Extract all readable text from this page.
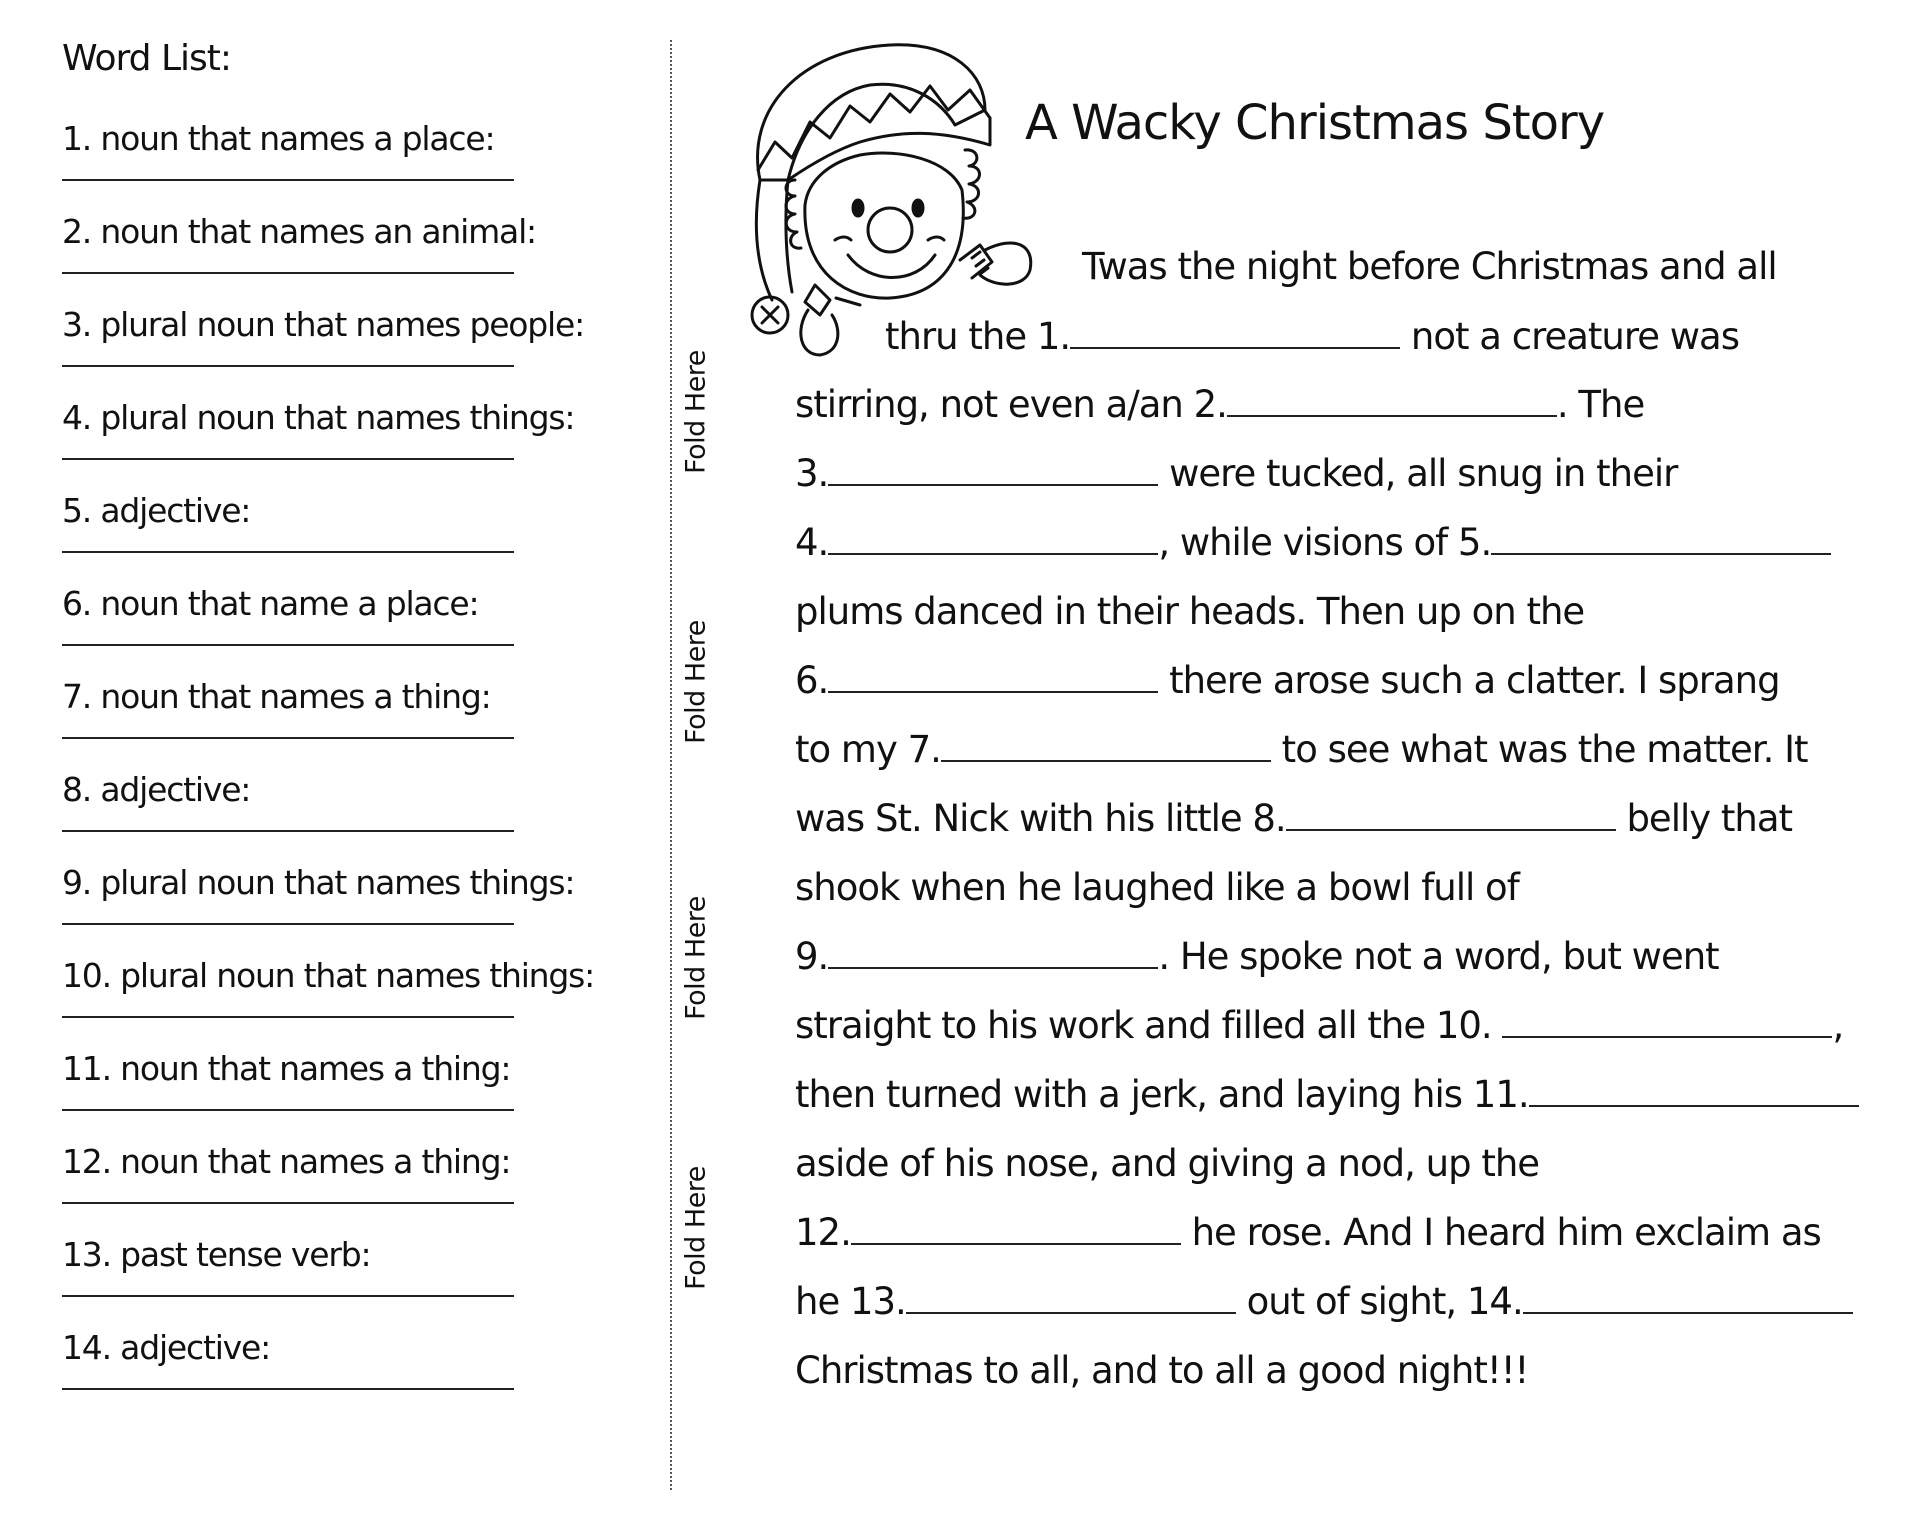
Word List:
1. noun that names a place:
2. noun that names an animal:
3. plural noun that names people:
4. plural noun that names things:
5. adjective:
6. noun that name a place:
7. noun that names a thing:
8. adjective:
9. plural noun that names things:
10. plural noun that names things:
11. noun that names a thing:
12. noun that names a thing:
13. past tense verb:
14. adjective:
Fold Here
Fold Here
Fold Here
Fold Here
A Wacky Christmas Story
Twas the night before Christmas and all
thru the 1.	not a creature was
stirring, not even a/an 2.	. The
3.	were tucked, all snug in their
4.	, while visions of 5.
plums danced in their heads. Then up on the
6.	there arose such a clatter. I sprang
to my 7.	to see what was the matter. It
was St. Nick with his little 8.	belly that
shook when he laughed like a bowl full of
9.	. He spoke not a word, but went
straight to his work and filled all the 10.	,
then turned with a jerk, and laying his 11.
aside of his nose, and giving a nod, up the
12.	he rose. And I heard him exclaim as
he 13.	out of sight, 14.
Christmas to all, and to all a good night!!!
